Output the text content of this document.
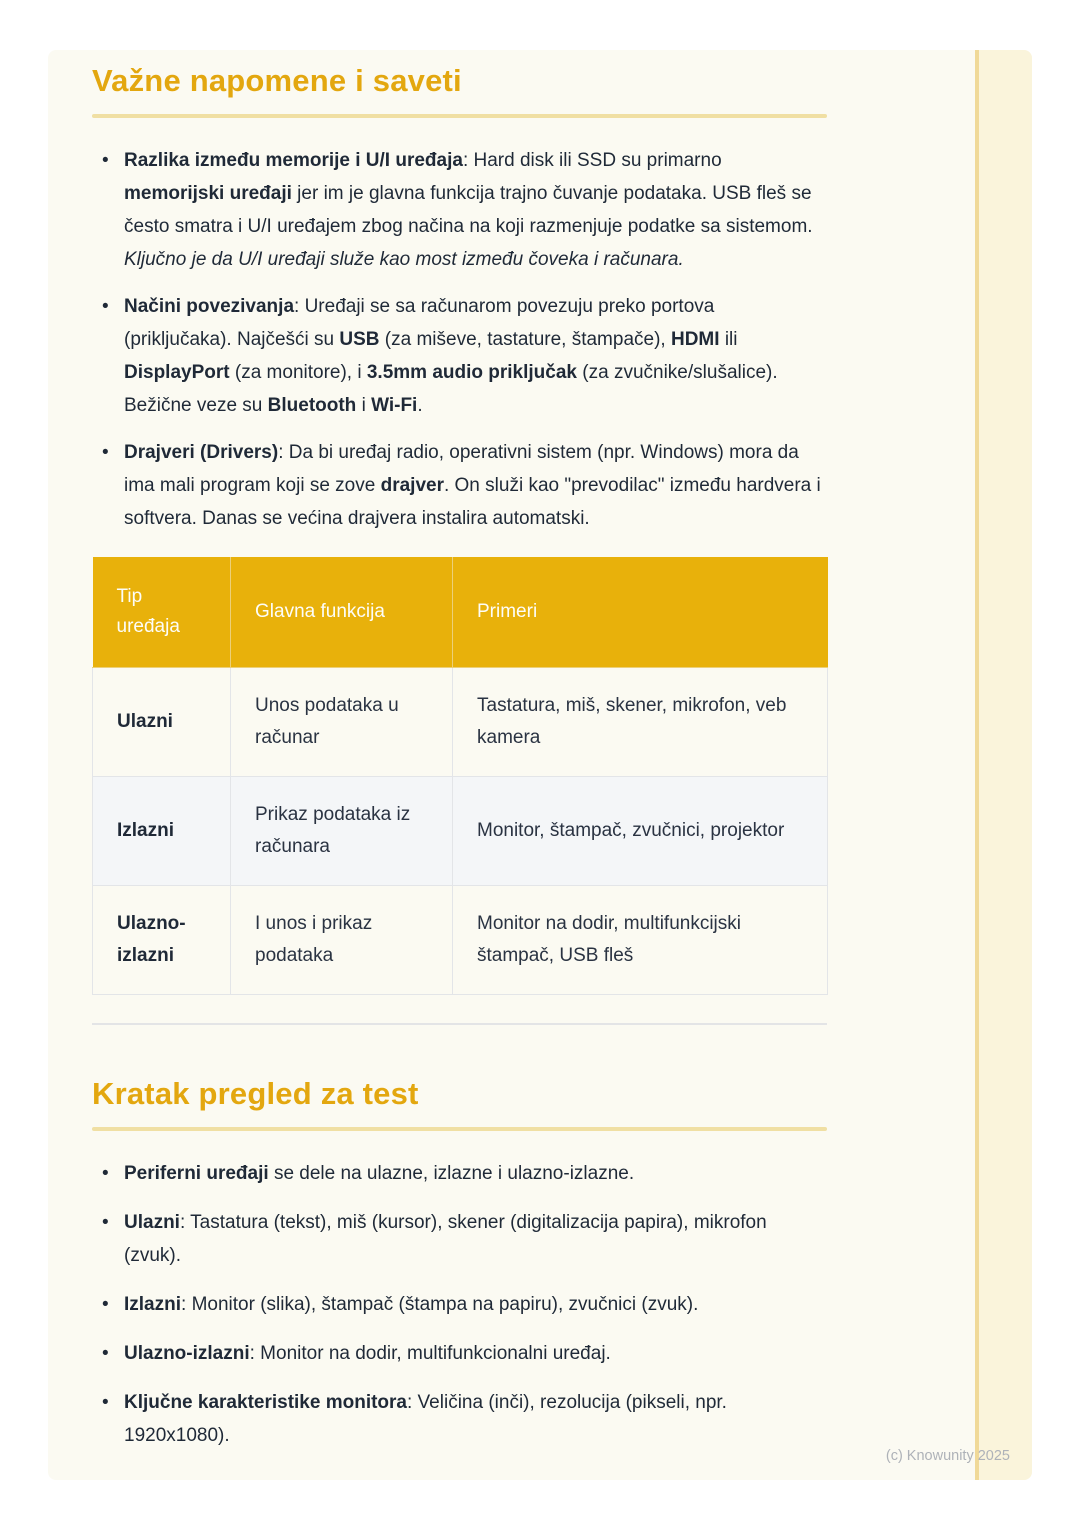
Važne napomene i saveti
• Razlika između memorije i U/I uređaja: Hard disk ili SSD su primarno memorijski uređaji jer im je glavna funkcija trajno čuvanje podataka. USB fleš se često smatra i U/I uređajem zbog načina na koji razmenjuje podatke sa sistemom. Ključno je da U/I uređaji služe kao most između čoveka i računara.
• Načini povezivanja: Uređaji se sa računarom povezuju preko portova (priključaka). Najčešći su USB (za miševe, tastature, štampače), HDMI ili DisplayPort (za monitore), i 3.5mm audio priključak (za zvučnike/slušalice). Bežične veze su Bluetooth i Wi-Fi.
• Drajveri (Drivers): Da bi uređaj radio, operativni sistem (npr. Windows) mora da ima mali program koji se zove drajver. On služi kao "prevodilac" između hardvera i softvera. Danas se većina drajvera instalira automatski.
Tip uređaja	Glavna funkcija	Primeri
Ulazni	Unos podataka u računar	Tastatura, miš, skener, mikrofon, veb kamera
Izlazni	Prikaz podataka iz računara	Monitor, štampač, zvučnici, projektor
Ulazno-izlazni	I unos i prikaz podataka	Monitor na dodir, multifunkcijski štampač, USB fleš
Kratak pregled za test
• Periferni uređaji se dele na ulazne, izlazne i ulazno-izlazne.
• Ulazni: Tastatura (tekst), miš (kursor), skener (digitalizacija papira), mikrofon (zvuk).
• Izlazni: Monitor (slika), štampač (štampa na papiru), zvučnici (zvuk).
• Ulazno-izlazni: Monitor na dodir, multifunkcionalni uređaj.
• Ključne karakteristike monitora: Veličina (inči), rezolucija (pikseli, npr. 1920x1080).
(c) Knowunity 2025
